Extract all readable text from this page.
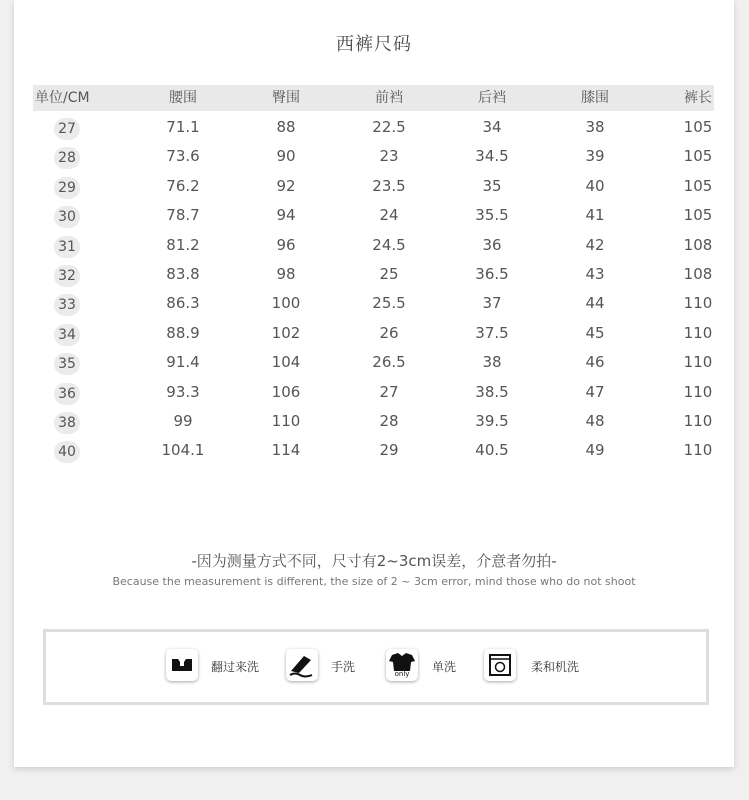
西裤尺码
单位/CM	腰围	臀围	前裆	后裆	膝围	裤长
27	71.1	88	22.5	34	38	105
28	73.6	90	23	34.5	39	105
29	76.2	92	23.5	35	40	105
30	78.7	94	24	35.5	41	105
31	81.2	96	24.5	36	42	108
32	83.8	98	25	36.5	43	108
33	86.3	100	25.5	37	44	110
34	88.9	102	26	37.5	45	110
35	91.4	104	26.5	38	46	110
36	93.3	106	27	38.5	47	110
38	99	110	28	39.5	48	110
40	104.1	114	29	40.5	49	110
-因为测量方式不同，尺寸有2~3cm误差，介意者勿拍-
Because the measurement is different, the size of 2 ~ 3cm error, mind those who do not shoot
翻过来洗	手洗	only	单洗	柔和机洗
